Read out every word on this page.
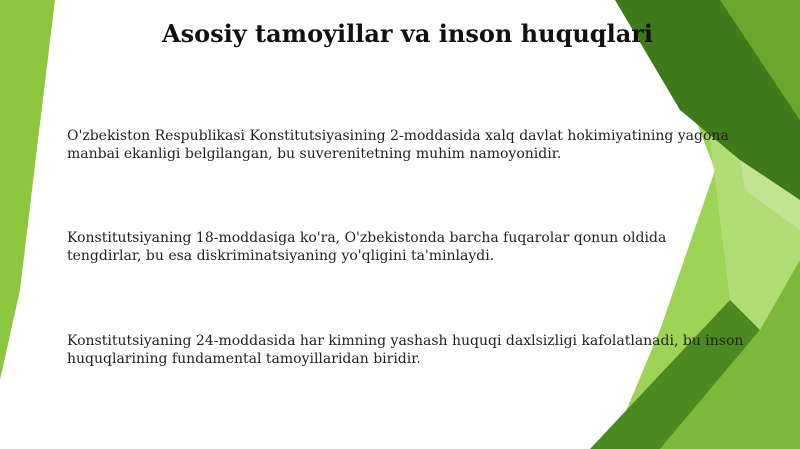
Asosiy tamoyillar va inson huquqlari

O'zbekiston Respublikasi Konstitutsiyasining 2-moddasida xalq davlat hokimiyatining yagona manbai ekanligi belgilangan, bu suverenitetning muhim namoyonidir.

Konstitutsiyaning 18-moddasiga ko'ra, O'zbekistonda barcha fuqarolar qonun oldida tengdirlar, bu esa diskriminatsiyaning yo'qligini ta'minlaydi.

Konstitutsiyaning 24-moddasida har kimning yashash huquqi daxlsizligi kafolatlanadi, bu inson huquqlarining fundamental tamoyillaridan biridir.
